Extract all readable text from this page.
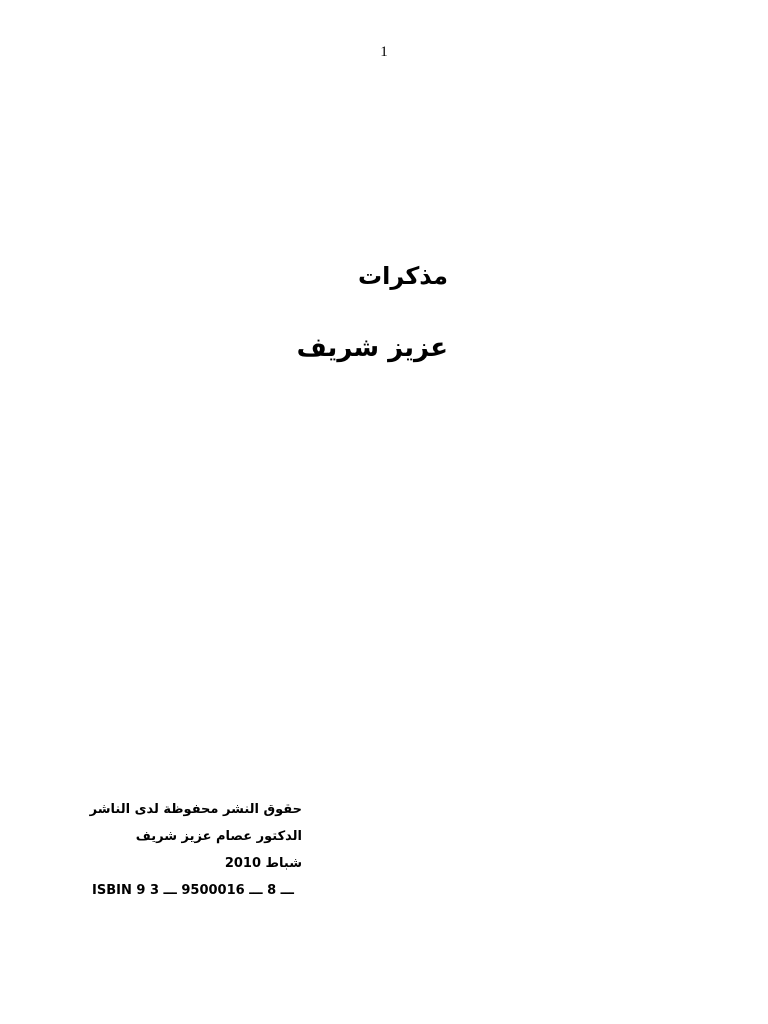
1
مذكرات
عزيز شريف
حقوق النشر محفوظة لدى الناشر
الدكتور عصام عزيز شريف
شباط 2010
ISBIN 9 ـــ 8 ـــ 9500016 ـــ 3
